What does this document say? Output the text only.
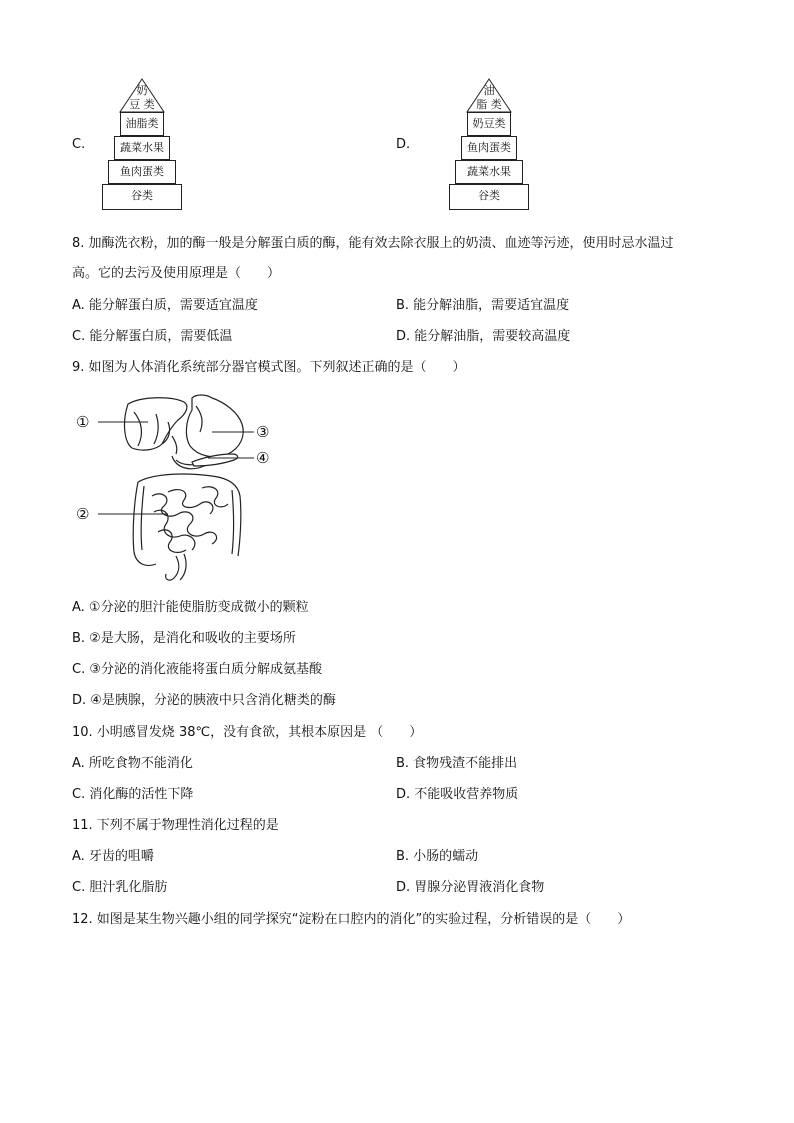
C.
奶
豆 类
油脂类
蔬菜水果
鱼肉蛋类
谷类
D.
油
脂 类
奶豆类
鱼肉蛋类
蔬菜水果
谷类
8. 加酶洗衣粉，加的酶一般是分解蛋白质的酶，能有效去除衣服上的奶渍、血迹等污迹，使用时忌水温过
高。它的去污及使用原理是（　　）
A. 能分解蛋白质，需要适宜温度	B. 能分解油脂，需要适宜温度
C. 能分解蛋白质，需要低温	D. 能分解油脂，需要较高温度
9. 如图为人体消化系统部分器官模式图。下列叙述正确的是（　　）
①
②
③
④
A. ①分泌的胆汁能使脂肪变成微小的颗粒
B. ②是大肠，是消化和吸收的主要场所
C. ③分泌的消化液能将蛋白质分解成氨基酸
D. ④是胰腺，分泌的胰液中只含消化糖类的酶
10. 小明感冒发烧 38℃，没有食欲，其根本原因是 （　　）
A. 所吃食物不能消化	B. 食物残渣不能排出
C. 消化酶的活性下降	D. 不能吸收营养物质
11. 下列不属于物理性消化过程的是
A. 牙齿的咀嚼	B. 小肠的蠕动
C. 胆汁乳化脂肪	D. 胃腺分泌胃液消化食物
12. 如图是某生物兴趣小组的同学探究“淀粉在口腔内的消化”的实验过程，分析错误的是（　　）
